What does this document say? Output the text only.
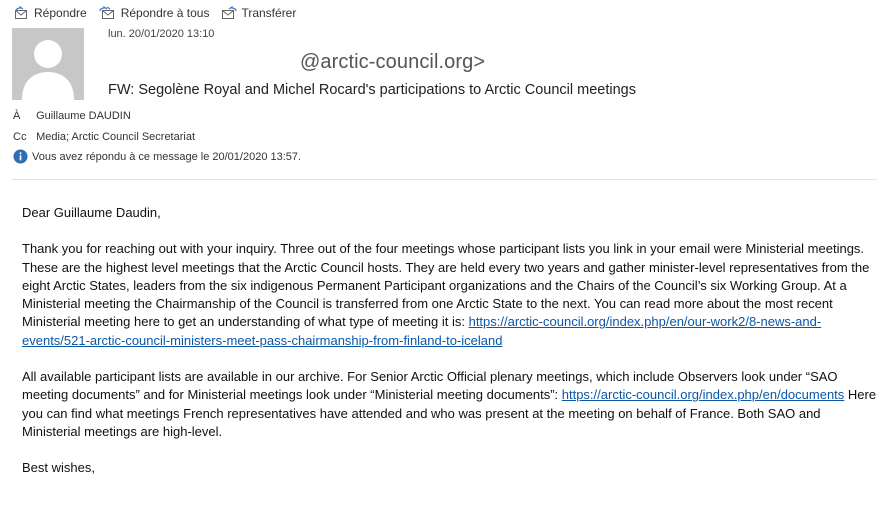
Répondre	Répondre à tous	Transférer
lun. 20/01/2020 13:10
@arctic-council.org>
FW: Segolène Royal and Michel Rocard's participations to Arctic Council meetings
À Guillaume DAUDIN
Cc Media; Arctic Council Secretariat
Vous avez répondu à ce message le 20/01/2020 13:57.

Dear Guillaume Daudin,

Thank you for reaching out with your inquiry. Three out of the four meetings whose participant lists you link in your email were Ministerial meetings. These are the highest level meetings that the Arctic Council hosts. They are held every two years and gather minister-level representatives from the eight Arctic States, leaders from the six indigenous Permanent Participant organizations and the Chairs of the Council’s six Working Group. At a Ministerial meeting the Chairmanship of the Council is transferred from one Arctic State to the next. You can read more about the most recent Ministerial meeting here to get an understanding of what type of meeting it is: https://arctic-council.org/index.php/en/our-work2/8-news-and-events/521-arctic-council-ministers-meet-pass-chairmanship-from-finland-to-iceland

All available participant lists are available in our archive. For Senior Arctic Official plenary meetings, which include Observers look under “SAO meeting documents” and for Ministerial meetings look under “Ministerial meeting documents”: https://arctic-council.org/index.php/en/documents Here you can find what meetings French representatives have attended and who was present at the meeting on behalf of France. Both SAO and Ministerial meetings are high-level.

Best wishes,
